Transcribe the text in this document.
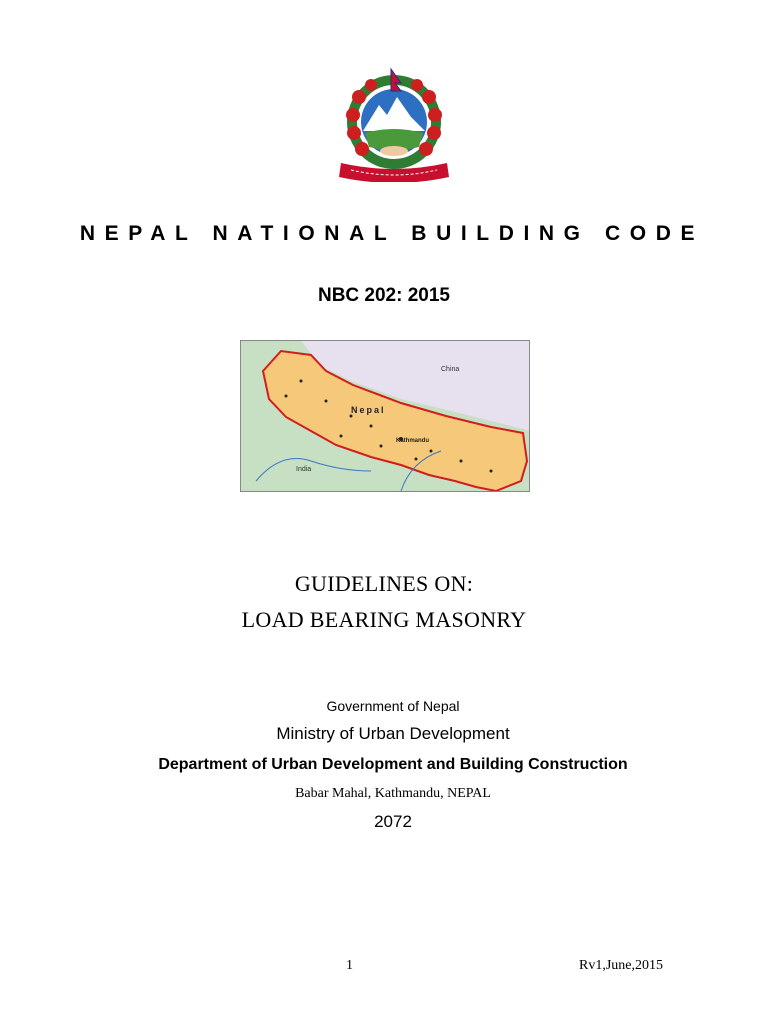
NEPAL NATIONAL BUILDING CODE
NBC 202: 2015
China
Nepal
India
Kathmandu
GUIDELINES ON:
LOAD BEARING MASONRY
Government of Nepal
Ministry of Urban Development
Department of Urban Development and Building Construction
Babar Mahal, Kathmandu, NEPAL
2072
1	Rv1,June,2015
